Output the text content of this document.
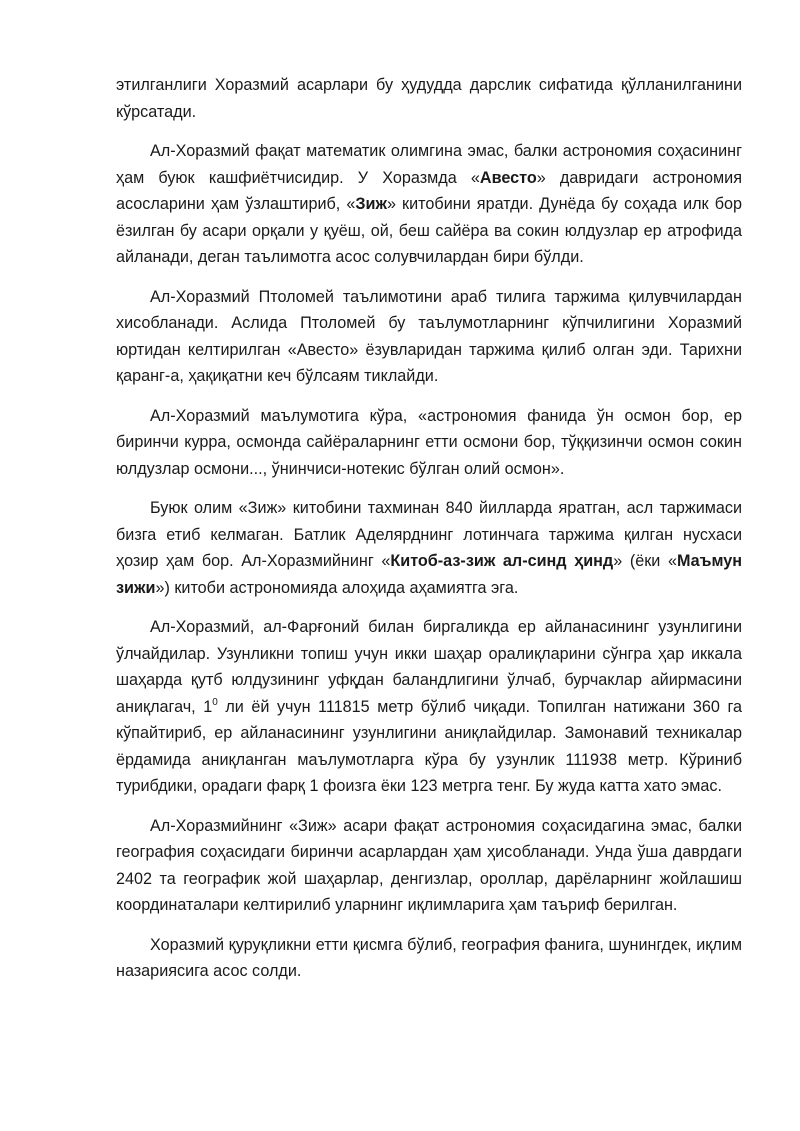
этилганлиги Хоразмий асарлари бу ҳудудда дарслик сифатида қўлланилганини кўрсатади.

Ал-Хоразмий фақат математик олимгина эмас, балки астрономия соҳасининг ҳам буюк кашфиётчисидир. У Хоразмда «Авесто» давридаги астрономия асосларини ҳам ўзлаштириб, «Зиж» китобини яратди. Дунёда бу соҳада илк бор ёзилган бу асари орқали у қуёш, ой, беш сайёра ва сокин юлдузлар ер атрофида айланади, деган таълимотга асос солувчилардан бири бўлди.

Ал-Хоразмий Птоломей таълимотини араб тилига таржима қилувчилардан хисобланади. Аслида Птоломей бу таълумотларнинг кўпчилигини Хоразмий юртидан келтирилган «Авесто» ёзувларидан таржима қилиб олган эди. Тарихни қаранг-а, ҳақиқатни кеч бўлсаям тиклайди.

Ал-Хоразмий маълумотига кўра, «астрономия фанида ўн осмон бор, ер биринчи курра, осмонда сайёраларнинг етти осмони бор, тўққизинчи осмон сокин юлдузлар осмони..., ўнинчиси-нотекис бўлган олий осмон».

Буюк олим «Зиж» китобини тахминан 840 йилларда яратган, асл таржимаси бизга етиб келмаган. Батлик Аделярднинг лотинчага таржима қилган нусхаси ҳозир ҳам бор. Ал-Хоразмийнинг «Китоб-аз-зиж ал-синд ҳинд» (ёки «Маъмун зижи») китоби астрономияда алоҳида аҳамиятга эга.

Ал-Хоразмий, ал-Фарғоний билан биргаликда ер айланасининг узунлигини ўлчайдилар. Узунликни топиш учун икки шаҳар оралиқларини сўнгра ҳар иккала шаҳарда қутб юлдузининг уфқдан баландлигини ўлчаб, бурчаклар айирмасини аниқлагач, $1^0$ ли ёй учун 111815 метр бўлиб чиқади. Топилган натижани 360 га кўпайтириб, ер айланасининг узунлигини аниқлайдилар. Замонавий техникалар ёрдамида аниқланган маълумотларга кўра бу узунлик 111938 метр. Кўриниб турибдики, орадаги фарқ 1 фоизга ёки 123 метрга тенг. Бу жуда катта хато эмас.

Ал-Хоразмийнинг «Зиж» асари фақат астрономия соҳасидагина эмас, балки география соҳасидаги биринчи асарлардан ҳам ҳисобланади. Унда ўша даврдаги 2402 та географик жой шаҳарлар, денгизлар, ороллар, дарёларнинг жойлашиш координаталари келтирилиб уларнинг иқлимларига ҳам таъриф берилган.

Хоразмий қуруқликни етти қисмга бўлиб, география фанига, шунингдек, иқлим назариясига асос солди.
